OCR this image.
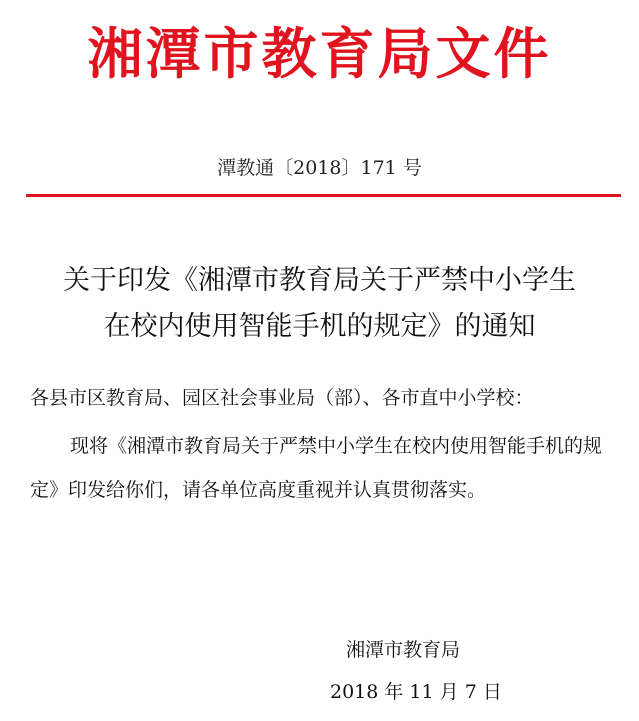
湘潭市教育局文件
潭教通〔2018〕171 号
关于印发《湘潭市教育局关于严禁中小学生
在校内使用智能手机的规定》的通知
各县市区教育局、园区社会事业局（部）、各市直中小学校：

现将《湘潭市教育局关于严禁中小学生在校内使用智能手机的规定》印发给你们，请各单位高度重视并认真贯彻落实。

湘潭市教育局
2018 年 11 月 7 日
